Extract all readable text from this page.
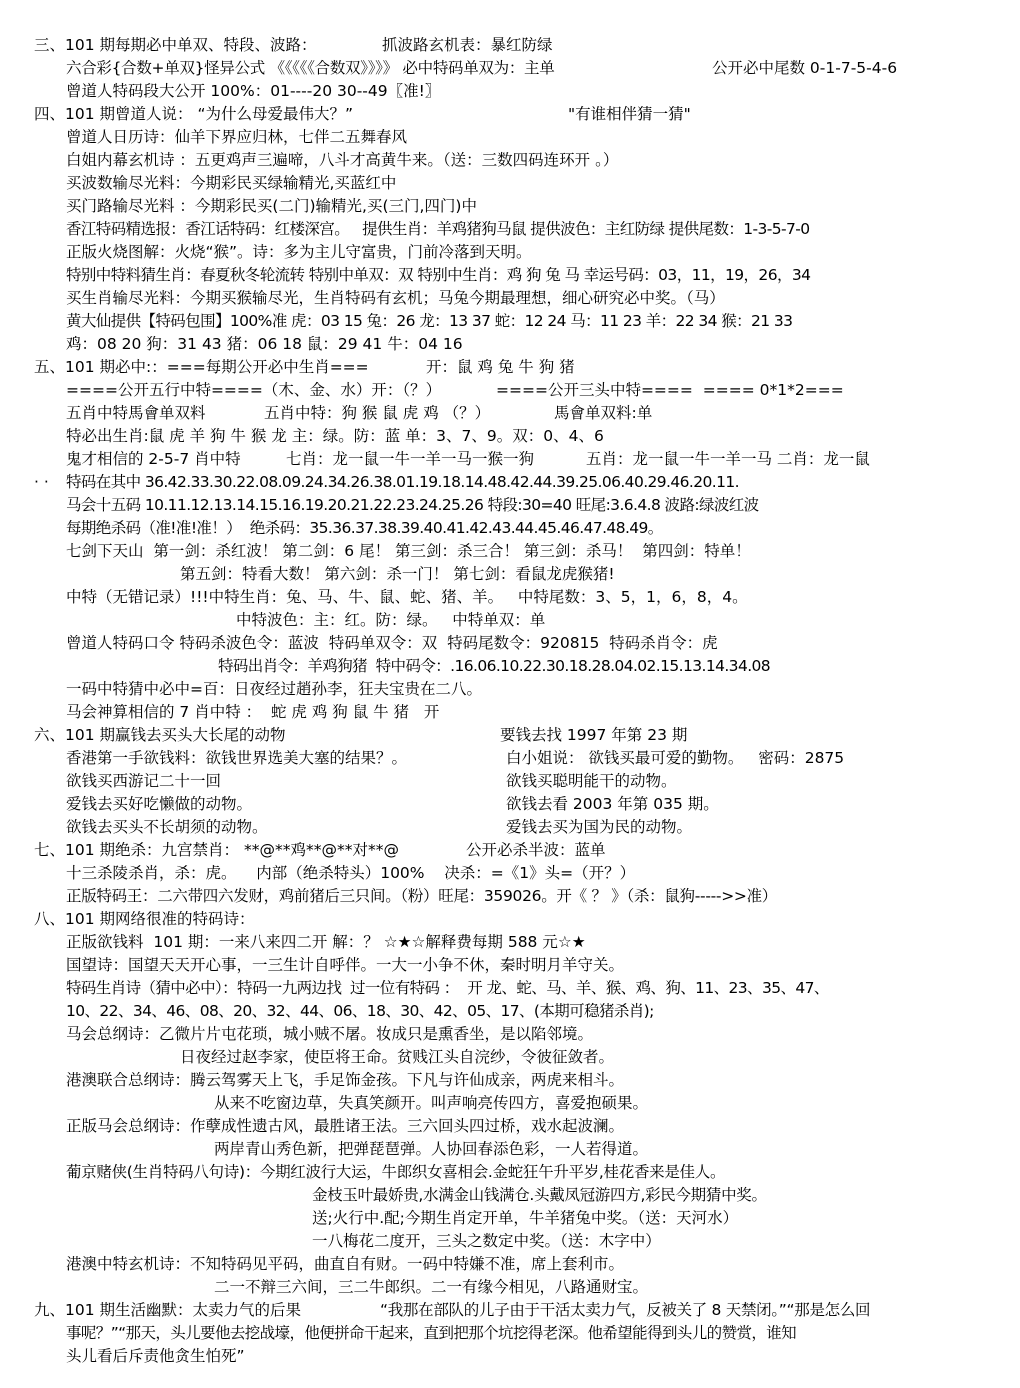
三、101 期每期必中单双、特段、波路：

	抓波路玄机表：暴红防绿

六合彩{合数+单双}怪异公式 《《《《《合数双》》》》 必中特码单双为：主单

	公开必中尾数 0-1-7-5-4-6

曾道人特码段大公开 100%：01----20 30--49〖准!〗

四、101 期曾道人说： “为什么母爱最伟大？”

	"有谁相伴猜一猜"

曾道人日历诗：仙羊下界应归林，七伴二五舞春风
白姐内幕玄机诗 ：五更鸡声三遍啼，八斗才高黄牛来。（送：三数四码连环开 。）
买波数输尽光料：今期彩民买绿输精光,买蓝红中
买门路输尽光料 ：今期彩民买(二门)输精光,买(三门,四门)中
香江特码精选报：香江话特码：红楼深宫。   提供生肖：羊鸡猪狗马鼠 提供波色：主红防绿 提供尾数：1-3-5-7-0
正版火烧图解：火烧“猴”。诗：多为主儿守富贵，门前冷落到天明。
特别中特料猜生肖：春夏秋冬轮流转 特别中单双：双 特别中生肖：鸡 狗 兔 马 幸运号码：03，11，19，26，34
买生肖输尽光料：今期买猴输尽光，生肖特码有玄机；马兔今期最理想，细心研究必中奖。（马）
黄大仙提供【特码包围】100%准 虎：03 15 兔：26 龙：13 37 蛇：12 24 马：11 23 羊：22 34 猴：21 33
鸡：08 20 狗：31 43 猪：06 18 鼠：29 41 牛：04 16

五、101 期必中:：===每期公开必中生肖===

	开：鼠 鸡 兔 牛 狗 猪

====公开五行中特====（木、金、水）开：（？）

	====公开三头中特====  ==== 0*1*2===

五肖中特馬會单双料

	五肖中特：狗 猴 鼠 虎 鸡 （？）

	馬會单双料:单

特必出生肖:鼠 虎 羊 狗 牛 猴 龙 主：绿。防：蓝 单：3、7、9。双：0、4、6

鬼才相信的 2-5-7 肖中特

	七肖：龙一鼠一牛一羊一马一猴一狗

	五肖：龙一鼠一牛一羊一马 二肖：龙一鼠

· ·

特码在其中 36.42.33.30.22.08.09.24.34.26.38.01.19.18.14.48.42.44.39.25.06.40.29.46.20.11.

马会十五码 10.11.12.13.14.15.16.19.20.21.22.23.24.25.26 特段:30=40 旺尾:3.6.4.8 波路:绿波红波
每期绝杀码（准!准!准！）  绝杀码：35.36.37.38.39.40.41.42.43.44.45.46.47.48.49。
七剑下天山  第一剑：杀红波！ 第二剑：6 尾！ 第三剑：杀三合！ 第三剑：杀马！  第四剑：特单！
第五剑：特看大数！ 第六剑：杀一门！ 第七剑：看鼠龙虎猴猪!
中特（无错记录）!!!中特生肖：兔、马、牛、鼠、蛇、猪、羊。   中特尾数：3、5，1，6，8，4。
中特波色：主：红。防：绿。   中特单双：单
曾道人特码口令 特码杀波色令：蓝波  特码单双令：双  特码尾数令：920815  特码杀肖令：虎
特码出肖令：羊鸡狗猪  特中码令：.16.06.10.22.30.18.28.04.02.15.13.14.34.08
一码中特猜中必中=百：日夜经过趙孙李，狂夫宝贵在二八。
马会神算相信的 7 肖中特 ：  蛇 虎 鸡 狗 鼠 牛 猪   开

六、101 期赢钱去买头大长尾的动物

	要钱去找 1997 年第 23 期

香港第一手欲钱料：欲钱世界选美大塞的结果？。

	白小姐说： 欲钱买最可爱的勤物。   密码：2875

欲钱买西游记二十一回

	欲钱买聪明能干的动物。

爱钱去买好吃懒做的动物。

	欲钱去看 2003 年第 035 期。

欲钱去买头不长胡须的动物。

	爱钱去买为国为民的动物。

七、101 期绝杀：九宫禁肖： **@**鸡**@**对**@

	公开必杀半波：蓝单

十三杀陵杀肖，杀：虎。    内部（绝杀特头）100%    决杀：=《1》头=（开？）
正版特码王：二六带四六发财，鸡前猪后三只间。（粉）旺尾：359026。开《 ？ 》（杀：鼠狗----->>准）
八、101 期网络很准的特码诗：
正版欲钱料  101 期：一来八来四二开 解：？ ☆★☆解释费每期 588 元☆★
国望诗：国望天天开心事，一三生计自呼伴。一大一小争不休，秦时明月羊守关。
特码生肖诗（猜中必中）：特码一九两边找  过一位有特码 ：  开 龙、蛇、马、羊、猴、鸡、狗、11、23、35、47、
10、22、34、46、08、20、32、44、06、18、30、42、05、17、(本期可稳猪杀肖);
马会总纲诗：乙微片片屯花琐，城小贼不屠。妆成只是熏香坐，是以陷邻境。
日夜经过赵李家，使臣将王命。贫贱江头自浣纱，令彼征敛者。
港澳联合总纲诗：腾云驾雾天上飞，手足饰金孩。下凡与许仙成亲，两虎来相斗。
从来不吃窗边草，失真笑颜开。叫声响亮传四方，喜爱抱硕果。
正版马会总纲诗：作孽成性遗古风，最胜诸王法。三六回头四过桥，戏水起波澜。
两岸青山秀色新，把弹琵琶弹。人协回春添色彩，一人若得道。
葡京赌侠(生肖特码八句诗)：今期红波行大运，牛郎织女喜相会.金蛇狂午升平岁,桂花香来是佳人。
金枝玉叶最娇贵,水满金山钱满仓.头戴凤冠游四方,彩民今期猜中奖。
送;火行中.配;今期生肖定开单，牛羊猪兔中奖。（送：天河水）
一八梅花二度开，三头之数定中奖。（送：木字中）
港澳中特玄机诗：不知特码见平码，曲直自有财。一码中特嫌不准，席上套利市。
二一不辩三六间，三二牛郎织。二一有缘今相见，八路通财宝。

九、101 期生活幽默：太卖力气的后果

	“我那在部队的儿子由于干活太卖力气，反被关了 8 天禁闭。”“那是怎么回

事呢？”“那天，头儿要他去挖战壕，他便拼命干起来，直到把那个坑挖得老深。他希望能得到头儿的赞赏，谁知
头儿看后斥责他贪生怕死”
